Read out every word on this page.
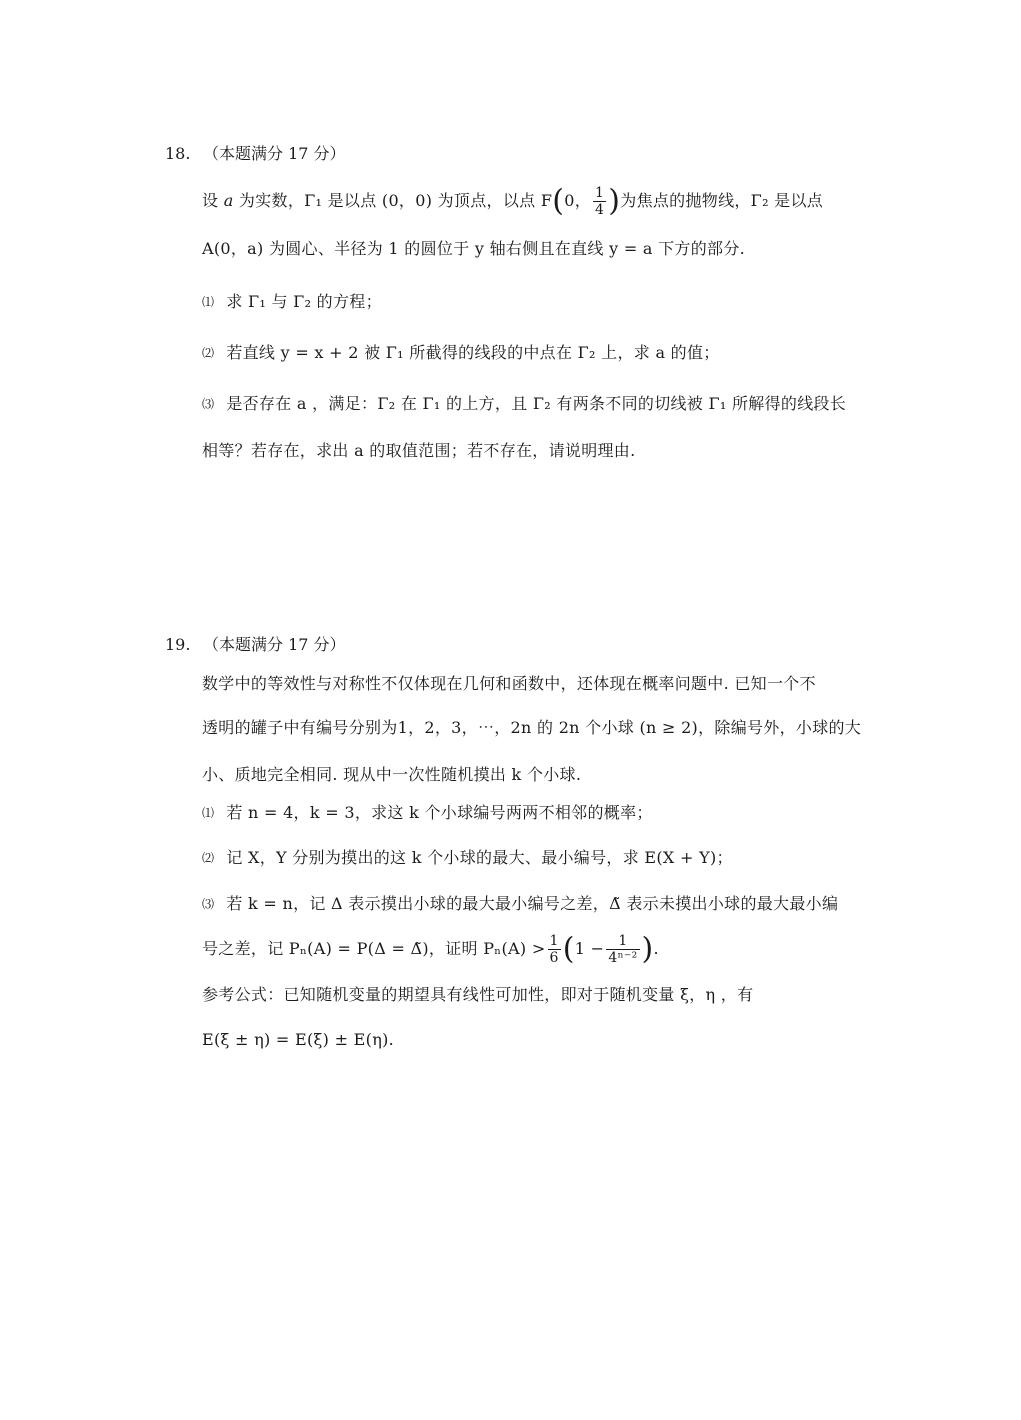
18. （本题满分 17 分）
设 a 为实数，Γ₁ 是以点 (0，0) 为顶点，以点 F(0， $\frac{1}{4}$ )为焦点的抛物线，Γ₂ 是以点
A(0，a) 为圆心、半径为 1 的圆位于 y 轴右侧且在直线 y = a 下方的部分.
⑴ 求 Γ₁ 与 Γ₂ 的方程；
⑵ 若直线 y = x + 2 被 Γ₁ 所截得的线段的中点在 Γ₂ 上，求 a 的值；
⑶ 是否存在 a ，满足：Γ₂ 在 Γ₁ 的上方，且 Γ₂ 有两条不同的切线被 Γ₁ 所解得的线段长
相等？若存在，求出 a 的取值范围；若不存在，请说明理由.
19. （本题满分 17 分）
数学中的等效性与对称性不仅体现在几何和函数中，还体现在概率问题中. 已知一个不
透明的罐子中有编号分别为1，2，3，⋯，2n 的 2n 个小球 (n ≥ 2)，除编号外，小球的大
小、质地完全相同. 现从中一次性随机摸出 k 个小球.
⑴ 若 n = 4，k = 3，求这 k 个小球编号两两不相邻的概率；
⑵ 记 X，Y 分别为摸出的这 k 个小球的最大、最小编号，求 E(X + Y)；
⑶ 若 k = n，记 Δ 表示摸出小球的最大最小编号之差，Δ̃ 表示未摸出小球的最大最小编
号之差，记 Pₙ(A) = P(Δ = Δ̃)，证明 $P_n(A) > \frac{1}{6} (1 - \frac{1}{\text{4ⁿ⁻²}}$ ).
参考公式：已知随机变量的期望具有线性可加性，即对于随机变量 ξ，η ，有
E(ξ ± η) = E(ξ) ± E(η).
